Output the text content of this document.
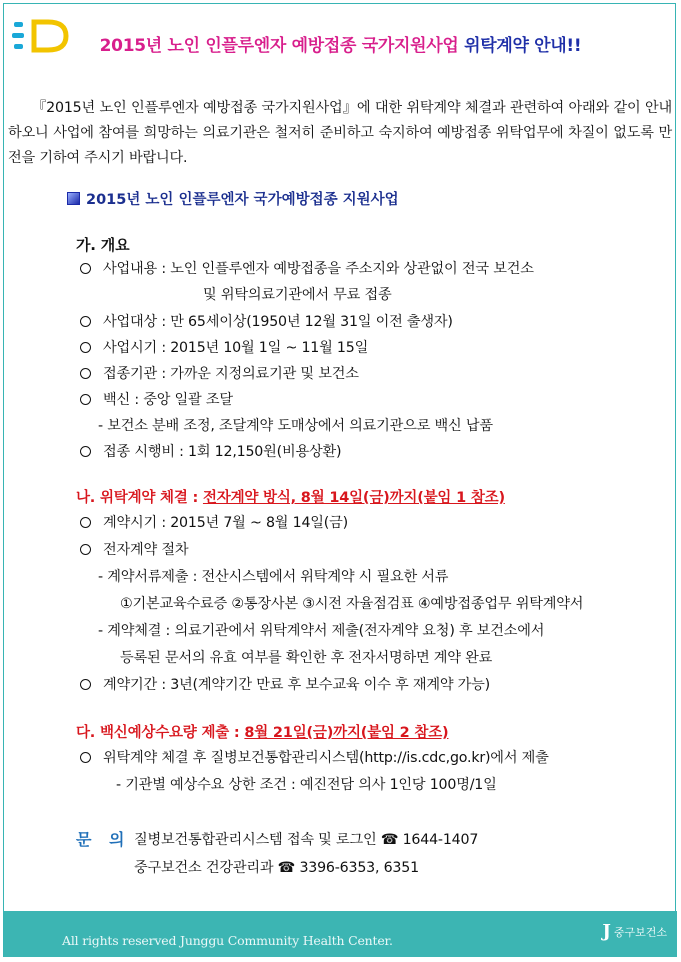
2015년 노인 인플루엔자 예방접종 국가지원사업 위탁계약 안내!!

『2015년 노인 인플루엔자 예방접종 국가지원사업』에 대한 위탁계약 체결과 관련하여 아래와 같이 안내하오니 사업에 참여를 희망하는 의료기관은 철저히 준비하고 숙지하여 예방접종 위탁업무에 차질이 없도록 만전을 기하여 주시기 바랍니다.

2015년 노인 인플루엔자 국가예방접종 지원사업
가. 개요
사업내용 : 노인 인플루엔자 예방접종을 주소지와 상관없이 전국 보건소
및 위탁의료기관에서 무료 접종
사업대상 : 만 65세이상(1950년 12월 31일 이전 출생자)
사업시기 : 2015년 10월 1일 ~ 11월 15일
접종기관 : 가까운 지정의료기관 및 보건소
백신 : 중앙 일괄 조달
- 보건소 분배 조정, 조달계약 도매상에서 의료기관으로 백신 납품
접종 시행비 : 1회 12,150원(비용상환)
나. 위탁계약 체결 : 전자계약 방식, 8월 14일(금)까지(붙임 1 참조)
계약시기 : 2015년 7월 ~ 8월 14일(금)
전자계약 절차
- 계약서류제출 : 전산시스템에서 위탁계약 시 필요한 서류
①기본교육수료증 ②통장사본 ③시전 자율점검표 ④예방접종업무 위탁계약서
- 계약체결 : 의료기관에서 위탁계약서 제출(전자계약 요청) 후 보건소에서
등록된 문서의 유효 여부를 확인한 후 전자서명하면 계약 완료
계약기간 : 3년(계약기간 만료 후 보수교육 이수 후 재계약 가능)
다. 백신예상수요량 제출 : 8월 21일(금)까지(붙임 2 참조)
위탁계약 체결 후 질병보건통합관리시스템(http://is.cdc,go.kr)에서 제출
- 기관별 예상수요 상한 조건 : 예진전담 의사 1인당 100명/1일
문 의 질병보건통합관리시스템 접속 및 로그인 ☎ 1644-1407
중구보건소 건강관리과 ☎ 3396-6353, 6351
All rights reserved Junggu Community Health Center.	J 중구보건소
